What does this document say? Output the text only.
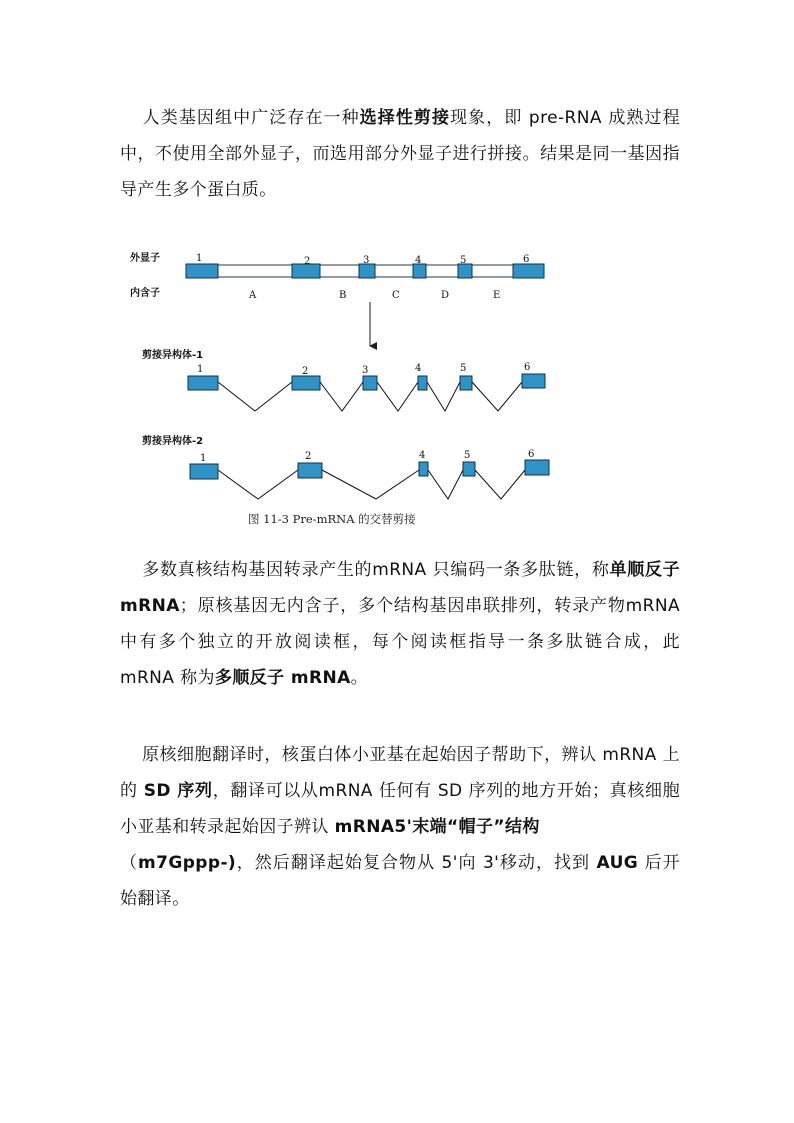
人类基因组中广泛存在一种选择性剪接现象，即 pre-RNA 成熟过程中，不使用全部外显子，而选用部分外显子进行拼接。结果是同一基因指导产生多个蛋白质。

外显子
内含子
1	2	3	4	5	6
A	B	C	D	E
剪接异构体-1
1	2	3	4	5	6
剪接异构体-2
1	2	4	5	6
图 11-3 Pre-mRNA 的交替剪接

多数真核结构基因转录产生的mRNA 只编码一条多肽链，称单顺反子 mRNA；原核基因无内含子，多个结构基因串联排列，转录产物mRNA中有多个独立的开放阅读框，每个阅读框指导一条多肽链合成，此 mRNA 称为多顺反子 mRNA。

原核细胞翻译时，核蛋白体小亚基在起始因子帮助下，辨认 mRNA 上的 SD 序列，翻译可以从mRNA 任何有 SD 序列的地方开始；真核细胞小亚基和转录起始因子辨认 mRNA5'末端“帽子”结构
（m7Gppp-)，然后翻译起始复合物从 5'向 3'移动，找到 AUG 后开始翻译。
